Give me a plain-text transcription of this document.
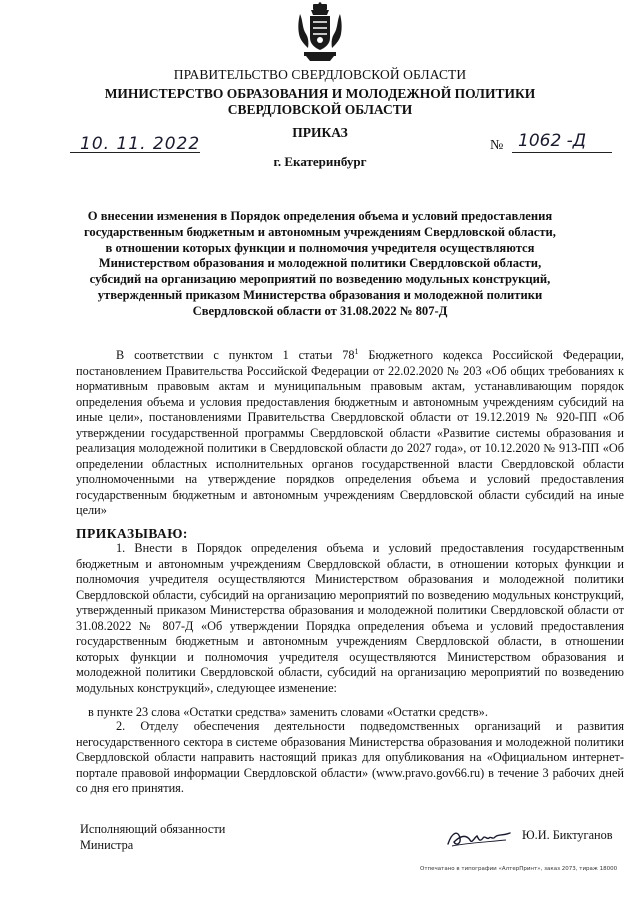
ПРАВИТЕЛЬСТВО СВЕРДЛОВСКОЙ ОБЛАСТИ
МИНИСТЕРСТВО ОБРАЗОВАНИЯ И МОЛОДЕЖНОЙ ПОЛИТИКИ
СВЕРДЛОВСКОЙ ОБЛАСТИ
ПРИКАЗ
10. 11. 2022	№ 1062 -Д
г. Екатеринбург
О внесении изменения в Порядок определения объема и условий предоставления
государственным бюджетным и автономным учреждениям Свердловской области,
в отношении которых функции и полномочия учредителя осуществляются
Министерством образования и молодежной политики Свердловской области,
субсидий на организацию мероприятий по возведению модульных конструкций,
утвержденный приказом Министерства образования и молодежной политики
Свердловской области от 31.08.2022 № 807-Д
В соответствии с пунктом 1 статьи $78^1$ Бюджетного кодекса Российской Федерации, постановлением Правительства Российской Федерации от 22.02.2020 № 203 «Об общих требованиях к нормативным правовым актам и муниципальным правовым актам, устанавливающим порядок определения объема и условия предоставления бюджетным и автономным учреждениям субсидий на иные цели», постановлениями Правительства Свердловской области от 19.12.2019 № 920-ПП «Об утверждении государственной программы Свердловской области «Развитие системы образования и реализация молодежной политики в Свердловской области до 2027 года», от 10.12.2020 № 913-ПП «Об определении областных исполнительных органов государственной власти Свердловской области уполномоченными на утверждение порядков определения объема и условий предоставления государственным бюджетным и автономным учреждениям Свердловской области субсидий на иные цели»
ПРИКАЗЫВАЮ:
1. Внести в Порядок определения объема и условий предоставления государственным бюджетным и автономным учреждениям Свердловской области, в отношении которых функции и полномочия учредителя осуществляются Министерством образования и молодежной политики Свердловской области, субсидий на организацию мероприятий по возведению модульных конструкций, утвержденный приказом Министерства образования и молодежной политики Свердловской области от 31.08.2022 № 807-Д «Об утверждении Порядка определения объема и условий предоставления государственным бюджетным и автономным учреждениям Свердловской области, в отношении которых функции и полномочия учредителя осуществляются Министерством образования и молодежной политики Свердловской области, субсидий на организацию мероприятий по возведению модульных конструкций», следующее изменение:
в пункте 23 слова «Остатки средства» заменить словами «Остатки средств».
2. Отделу обеспечения деятельности подведомственных организаций и развития негосударственного сектора в системе образования Министерства образования и молодежной политики Свердловской области направить настоящий приказ для опубликования на «Официальном интернет-портале правовой информации Свердловской области» (www.pravo.gov66.ru) в течение 3 рабочих дней со дня его принятия.
Исполняющий обязанности
Министра
Ю.И. Биктуганов
Отпечатано в типографии «АлтерПринт», заказ 2073, тираж 18000
